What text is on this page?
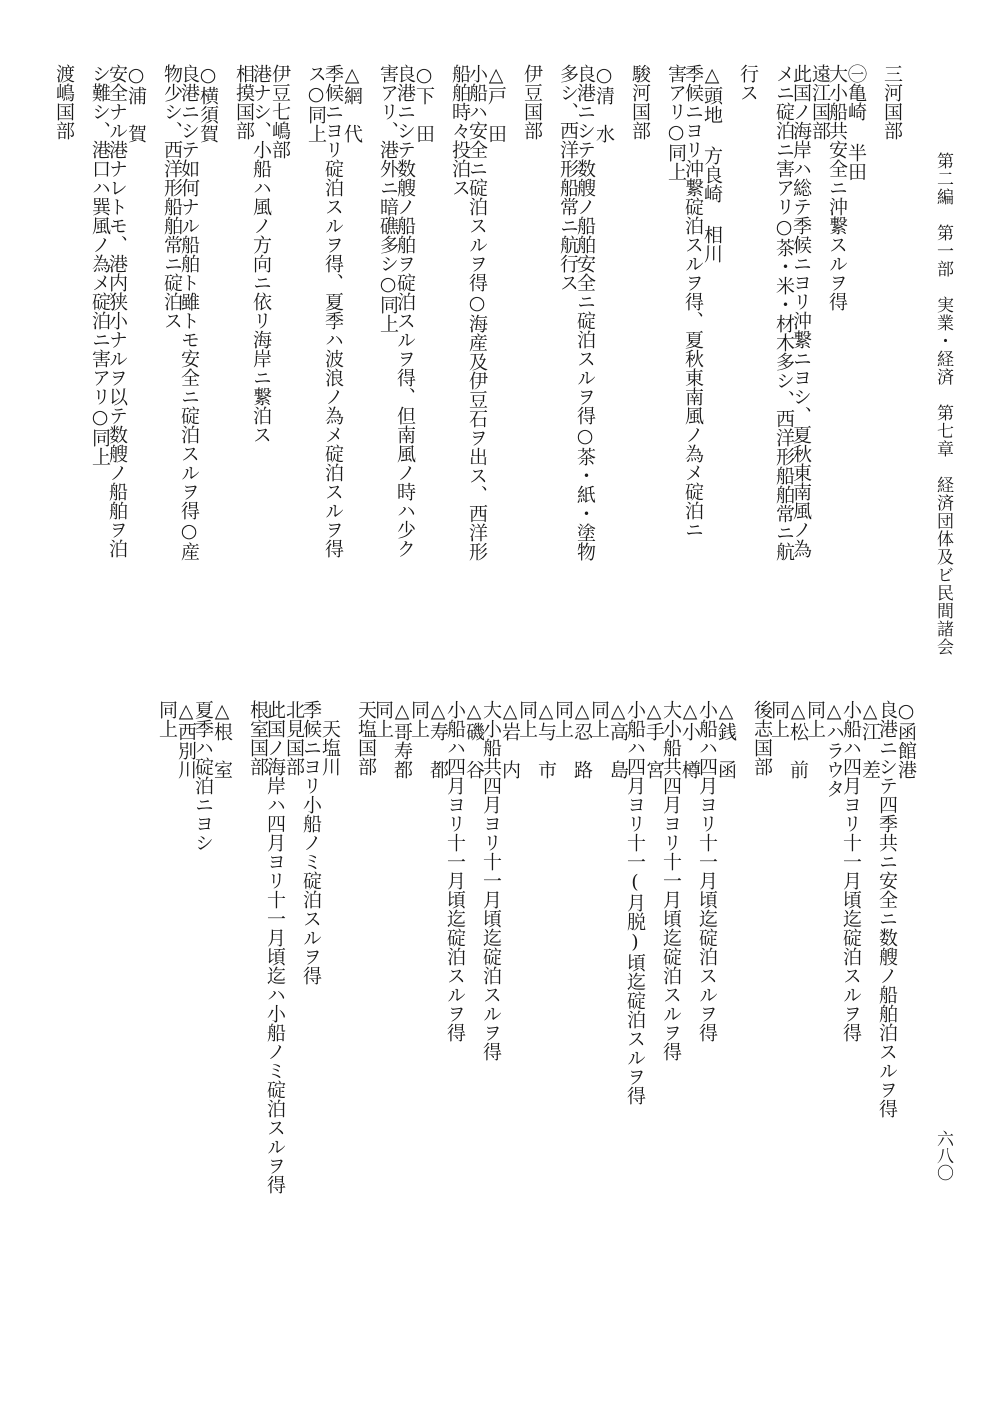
第二編　第一部　実業・経済　第七章　経済団体及ビ民間諸会
六八〇
三河国部
㊀亀崎 半田
大小船共安全ニ沖繋スルヲ得
遠江国部
此国ノ海岸ハ総テ季候ニヨリ沖繋ニヨシ、夏秋東南風ノ為
メニ碇泊ニ害アリ○茶・米・材木多シ、西洋形船舶常ニ航
行ス
△頭地 方良崎 相川
季候ニヨリ沖繋碇泊スルヲ得、夏秋東南風ノ為メ碇泊ニ
害アリ○同上
駿河国部
○清　水
良港ニシテ数艘ノ船舶安全ニ碇泊スルヲ得○茶・紙・塗物
多シ、西洋形船常ニ航行ス
伊豆国部
△戸　田
小船ハ安全ニ碇泊スルヲ得○海産及伊豆石ヲ出ス、西洋形
船舶時々投泊ス
○下　田
良港ニシテ数艘ノ船舶ヲ碇泊スルヲ得、但南風ノ時ハ少ク
害アリ、港外ニ暗礁多シ○同上
△網　代
季候ニヨリ碇泊スルヲ得、夏季ハ波浪ノ為メ碇泊スルヲ得
ス○同上
伊豆七嶋部
港ナシ、小船ハ風ノ方向ニ依リ海岸ニ繋泊ス
相摸国部
○横須賀
良港ニシテ如何ナル船舶ト雖トモ安全ニ碇泊スルヲ得○産
物少シ、西洋形船舶常ニ碇泊ス
○浦　賀
安全ナル港ナレトモ、港内狭小ナルヲ以テ数艘ノ船舶ヲ泊
シ難シ、港口ハ巽風ノ為メ碇泊ニ害アリ○同上
渡嶋国部
○函館港
良港ニシテ四季共ニ安全ニ数艘ノ船舶泊スルヲ得
△江　差
小船ハ四月ヨリ十一月頃迄碇泊スルヲ得
△ハラウタ
同上
△松　前
同上
後志国部
△銭　函
小船ハ四月ヨリ十一月頃迄碇泊スルヲ得
△小　樽
大小船共四月ヨリ十一月頃迄碇泊スルヲ得
△手　宮
小船ハ四月ヨリ十一(月脱)頃迄碇泊スルヲ得
△高　島
同上
△忍　路
同上
△与　市
同上
△岩　内
大小船共四月ヨリ十一月頃迄碇泊スルヲ得
△磯　谷
小船ハ四月ヨリ十一月頃迄碇泊スルヲ得
△寿　都
同上
△哥寿都
同上
天塩国部
　天塩川
季候ニヨリ小船ノミ碇泊スルヲ得
北見国部
此国ノ海岸ハ四月ヨリ十一月頃迄ハ小船ノミ碇泊スルヲ得
根室国部
△根　室
夏季ハ碇泊ニヨシ
△西別川
同上
